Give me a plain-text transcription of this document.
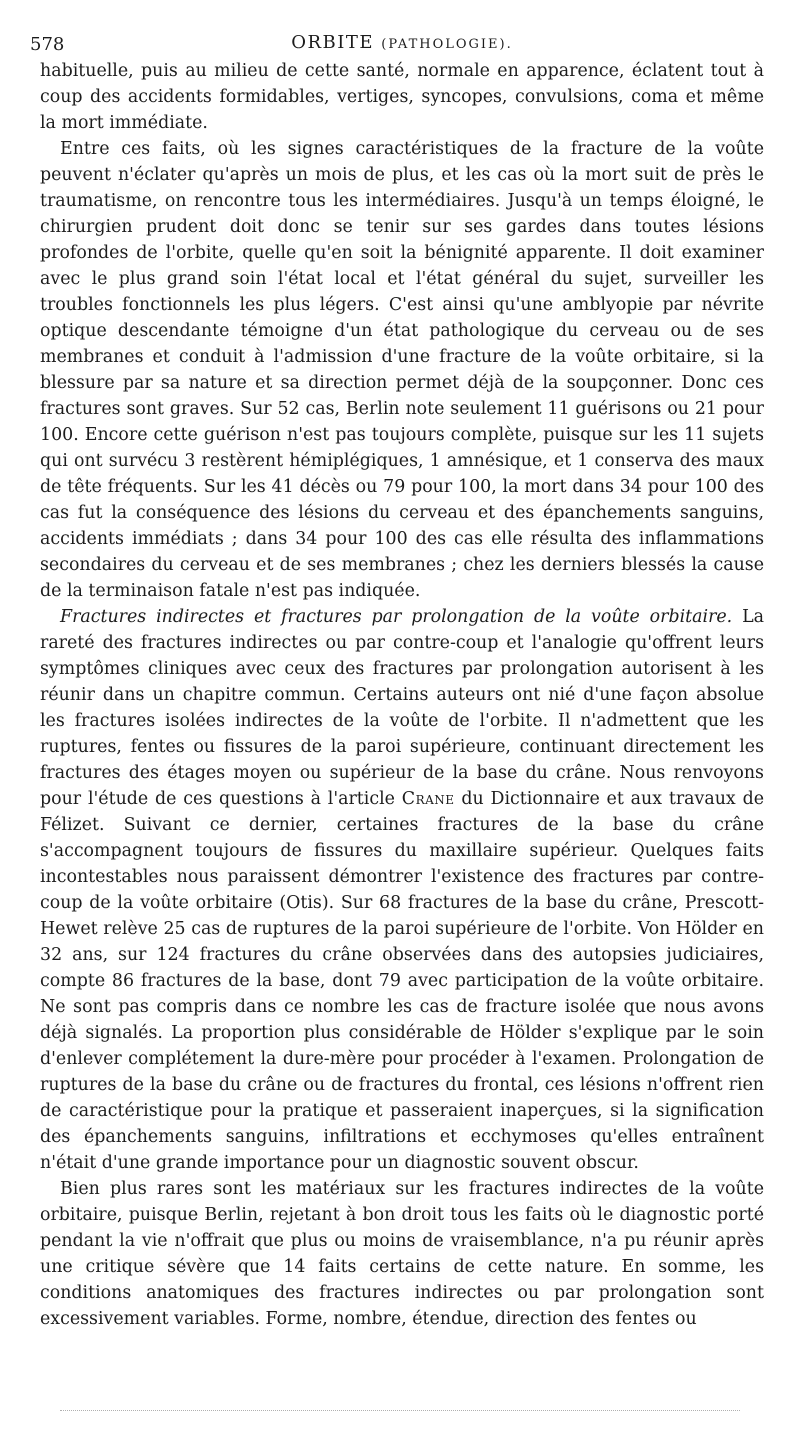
578	ORBITE (PATHOLOGIE).

habituelle, puis au milieu de cette santé, normale en apparence, éclatent tout à coup des accidents formidables, vertiges, syncopes, convulsions, coma et même la mort immédiate.

Entre ces faits, où les signes caractéristiques de la fracture de la voûte peuvent n'éclater qu'après un mois de plus, et les cas où la mort suit de près le traumatisme, on rencontre tous les intermédiaires. Jusqu'à un temps éloigné, le chirurgien prudent doit donc se tenir sur ses gardes dans toutes lésions profondes de l'orbite, quelle qu'en soit la bénignité apparente. Il doit examiner avec le plus grand soin l'état local et l'état général du sujet, surveiller les troubles fonctionnels les plus légers. C'est ainsi qu'une amblyopie par névrite optique descendante témoigne d'un état pathologique du cerveau ou de ses membranes et conduit à l'admission d'une fracture de la voûte orbitaire, si la blessure par sa nature et sa direction permet déjà de la soupçonner. Donc ces fractures sont graves. Sur 52 cas, Berlin note seulement 11 guérisons ou 21 pour 100. Encore cette guérison n'est pas toujours complète, puisque sur les 11 sujets qui ont survécu 3 restèrent hémiplégiques, 1 amnésique, et 1 conserva des maux de tête fréquents. Sur les 41 décès ou 79 pour 100, la mort dans 34 pour 100 des cas fut la conséquence des lésions du cerveau et des épanchements sanguins, accidents immédiats ; dans 34 pour 100 des cas elle résulta des inflammations secondaires du cerveau et de ses membranes ; chez les derniers blessés la cause de la terminaison fatale n'est pas indiquée.

Fractures indirectes et fractures par prolongation de la voûte orbitaire. La rareté des fractures indirectes ou par contre-coup et l'analogie qu'offrent leurs symptômes cliniques avec ceux des fractures par prolongation autorisent à les réunir dans un chapitre commun. Certains auteurs ont nié d'une façon absolue les fractures isolées indirectes de la voûte de l'orbite. Il n'admettent que les ruptures, fentes ou fissures de la paroi supérieure, continuant directement les fractures des étages moyen ou supérieur de la base du crâne. Nous renvoyons pour l'étude de ces questions à l'article Crane du Dictionnaire et aux travaux de Félizet. Suivant ce dernier, certaines fractures de la base du crâne s'accompagnent toujours de fissures du maxillaire supérieur. Quelques faits incontestables nous paraissent démontrer l'existence des fractures par contre-coup de la voûte orbitaire (Otis). Sur 68 fractures de la base du crâne, Prescott-Hewet relève 25 cas de ruptures de la paroi supérieure de l'orbite. Von Hölder en 32 ans, sur 124 fractures du crâne observées dans des autopsies judiciaires, compte 86 fractures de la base, dont 79 avec participation de la voûte orbitaire. Ne sont pas compris dans ce nombre les cas de fracture isolée que nous avons déjà signalés. La proportion plus considérable de Hölder s'explique par le soin d'enlever complétement la dure-mère pour procéder à l'examen. Prolongation de ruptures de la base du crâne ou de fractures du frontal, ces lésions n'offrent rien de caractéristique pour la pratique et passeraient inaperçues, si la signification des épanchements sanguins, infiltrations et ecchymoses qu'elles entraînent n'était d'une grande importance pour un diagnostic souvent obscur.

Bien plus rares sont les matériaux sur les fractures indirectes de la voûte orbitaire, puisque Berlin, rejetant à bon droit tous les faits où le diagnostic porté pendant la vie n'offrait que plus ou moins de vraisemblance, n'a pu réunir après une critique sévère que 14 faits certains de cette nature. En somme, les conditions anatomiques des fractures indirectes ou par prolongation sont excessivement variables. Forme, nombre, étendue, direction des fentes ou
